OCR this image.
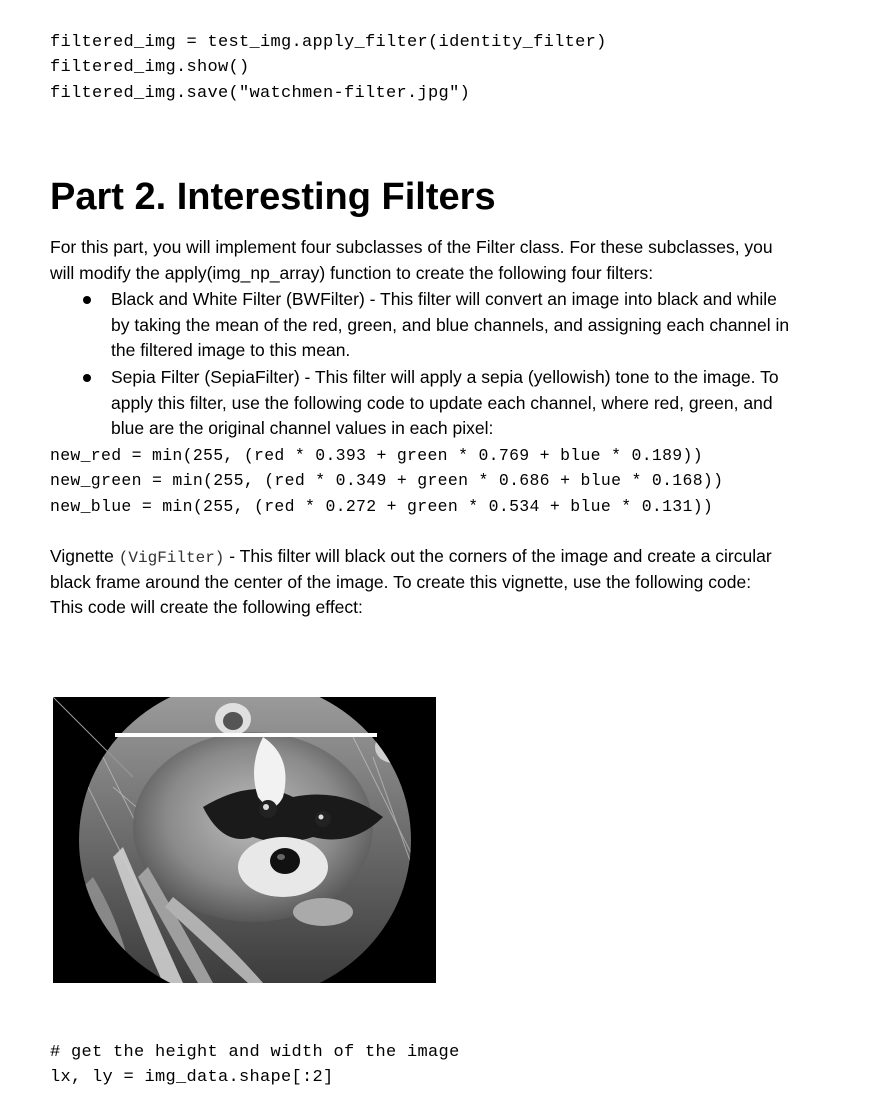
filtered_img = test_img.apply_filter(identity_filter)
filtered_img.show()
filtered_img.save("watchmen-filter.jpg")
Part 2. Interesting Filters
For this part, you will implement four subclasses of the Filter class. For these subclasses, you
will modify the apply(img_np_array) function to create the following four filters:
Black and White Filter (BWFilter) - This filter will convert an image into black and while
by taking the mean of the red, green, and blue channels, and assigning each channel in
the filtered image to this mean.
Sepia Filter (SepiaFilter) - This filter will apply a sepia (yellowish) tone to the image. To
apply this filter, use the following code to update each channel, where red, green, and
blue are the original channel values in each pixel:
new_red = min(255, (red * 0.393 + green * 0.769 + blue * 0.189))
new_green = min(255, (red * 0.349 + green * 0.686 + blue * 0.168))
new_blue = min(255, (red * 0.272 + green * 0.534 + blue * 0.131))
Vignette (VigFilter) - This filter will black out the corners of the image and create a circular
black frame around the center of the image. To create this vignette, use the following code:
This code will create the following effect:
# get the height and width of the image
lx, ly = img_data.shape[:2]
